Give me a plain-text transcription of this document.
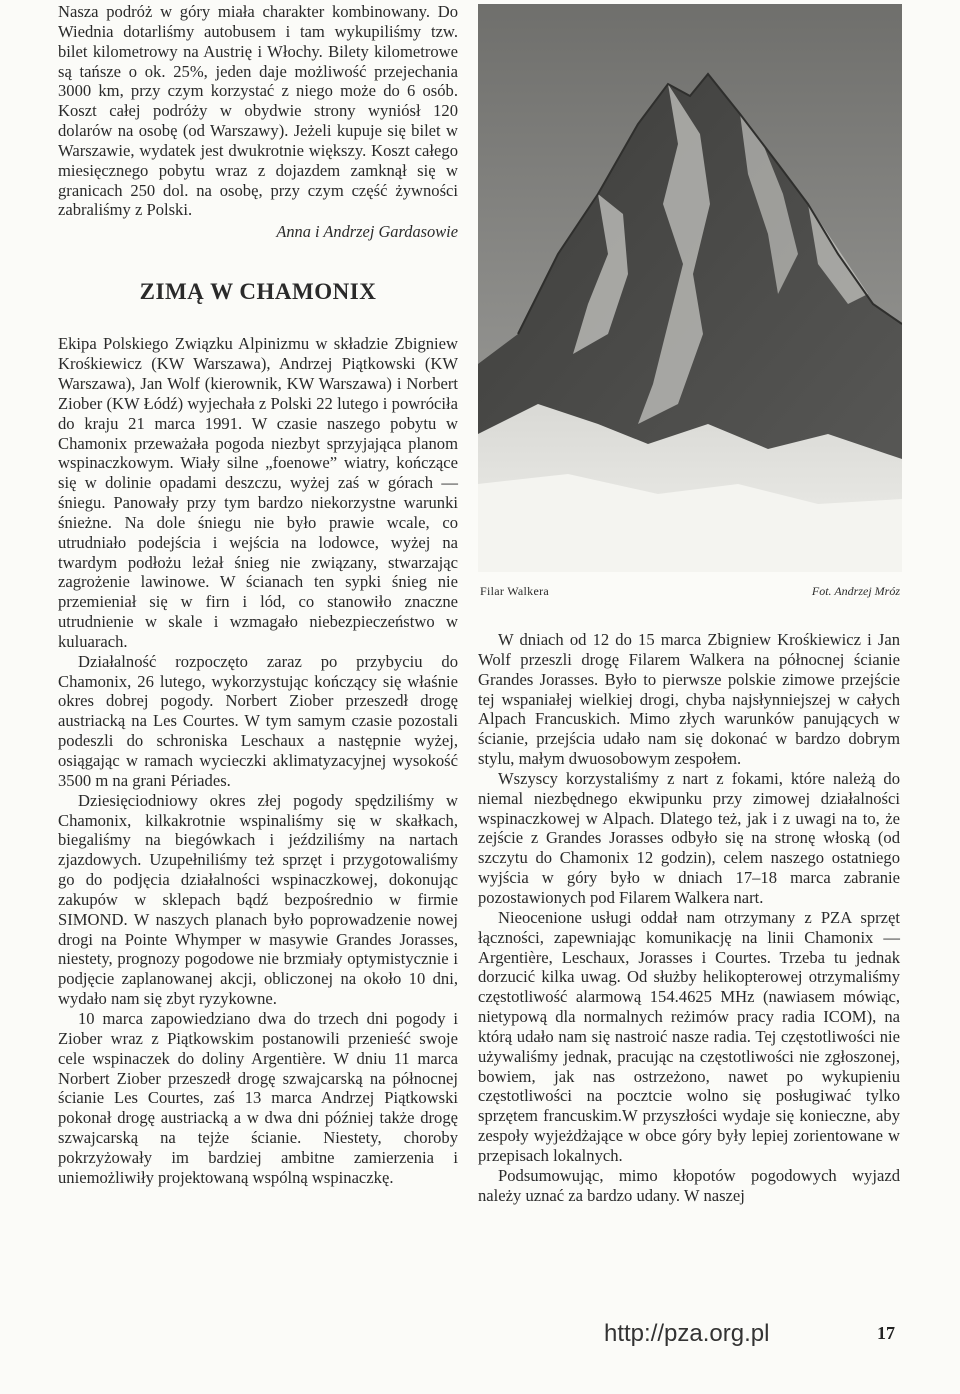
Nasza podróż w góry miała charakter kombinowany. Do Wiednia dotarliśmy autobusem i tam wykupiliśmy tzw. bilet kilometrowy na Austrię i Włochy. Bilety kilometrowe są tańsze o ok. 25%, jeden daje możliwość przejechania 3000 km, przy czym korzystać z niego może do 6 osób. Koszt całej podróży w obydwie strony wyniósł 120 dolarów na osobę (od Warszawy). Jeżeli kupuje się bilet w Warszawie, wydatek jest dwukrotnie większy. Koszt całego miesięcznego pobytu wraz z dojazdem zamknął się w granicach 250 dol. na osobę, przy czym część żywności zabraliśmy z Polski.

Anna i Andrzej Gardasowie

ZIMĄ W CHAMONIX

Ekipa Polskiego Związku Alpinizmu w składzie Zbigniew Krośkiewicz (KW Warszawa), Andrzej Piątkowski (KW Warszawa), Jan Wolf (kierownik, KW Warszawa) i Norbert Ziober (KW Łódź) wyjechała z Polski 22 lutego i powróciła do kraju 21 marca 1991. W czasie naszego pobytu w Chamonix przeważała pogoda niezbyt sprzyjająca planom wspinaczkowym. Wiały silne „foenowe” wiatry, kończące się w dolinie opadami deszczu, wyżej zaś w górach — śniegu. Panowały przy tym bardzo niekorzystne warunki śnieżne. Na dole śniegu nie było prawie wcale, co utrudniało podejścia i wejścia na lodowce, wyżej na twardym podłożu leżał śnieg nie związany, stwarzając zagrożenie lawinowe. W ścianach ten sypki śnieg nie przemieniał się w firn i lód, co stanowiło znaczne utrudnienie w skale i wzmagało niebezpieczeństwo w kuluarach.

Działalność rozpoczęto zaraz po przybyciu do Chamonix, 26 lutego, wykorzystując kończący się właśnie okres dobrej pogody. Norbert Ziober przeszedł drogę austriacką na Les Courtes. W tym samym czasie pozostali podeszli do schroniska Leschaux a następnie wyżej, osiągając w ramach wycieczki aklimatyzacyjnej wysokość 3500 m na grani Périades.

Dziesięciodniowy okres złej pogody spędziliśmy w Chamonix, kilkakrotnie wspinaliśmy się w skałkach, biegaliśmy na biegówkach i jeździliśmy na nartach zjazdowych. Uzupełniliśmy też sprzęt i przygotowaliśmy go do podjęcia działalności wspinaczkowej, dokonując zakupów w sklepach bądź bezpośrednio w firmie SIMOND. W naszych planach było poprowadzenie nowej drogi na Pointe Whymper w masywie Grandes Jorasses, niestety, prognozy pogodowe nie brzmiały optymistycznie i podjęcie zaplanowanej akcji, obliczonej na około 10 dni, wydało nam się zbyt ryzykowne.

10 marca zapowiedziano dwa do trzech dni pogody i Ziober wraz z Piątkowskim postanowili przenieść swoje cele wspinaczek do doliny Argentière. W dniu 11 marca Norbert Ziober przeszedł drogę szwajcarską na północnej ścianie Les Courtes, zaś 13 marca Andrzej Piątkowski pokonał drogę austriacką a w dwa dni później także drogę szwajcarską na tejże ścianie. Niestety, choroby pokrzyżowały im bardziej ambitne zamierzenia i uniemożliwiły projektowaną wspólną wspinaczkę.

Filar Walkera	Fot. Andrzej Mróz

W dniach od 12 do 15 marca Zbigniew Krośkiewicz i Jan Wolf przeszli drogę Filarem Walkera na północnej ścianie Grandes Jorasses. Było to pierwsze polskie zimowe przejście tej wspaniałej wielkiej drogi, chyba najsłynniejszej w całych Alpach Francuskich. Mimo złych warunków panujących w ścianie, przejścia udało nam się dokonać w bardzo dobrym stylu, małym dwuosobowym zespołem.

Wszyscy korzystaliśmy z nart z fokami, które należą do niemal niezbędnego ekwipunku przy zimowej działalności wspinaczkowej w Alpach. Dlatego też, jak i z uwagi na to, że zejście z Grandes Jorasses odbyło się na stronę włoską (od szczytu do Chamonix 12 godzin), celem naszego ostatniego wyjścia w góry było w dniach 17–18 marca zabranie pozostawionych pod Filarem Walkera nart.

Nieocenione usługi oddał nam otrzymany z PZA sprzęt łączności, zapewniając komunikację na linii Chamonix — Argentière, Leschaux, Jorasses i Courtes. Trzeba tu jednak dorzucić kilka uwag. Od służby helikopterowej otrzymaliśmy częstotliwość alarmową 154.4625 MHz (nawiasem mówiąc, nietypową dla normalnych reżimów pracy radia ICOM), na którą udało nam się nastroić nasze radia. Tej częstotliwości nie używaliśmy jednak, pracując na częstotliwości nie zgłoszonej, bowiem, jak nas ostrzeżono, nawet po wykupieniu częstotliwości na pocztcie wolno się posługiwać tylko sprzętem francuskim.W przyszłości wydaje się konieczne, aby zespoły wyjeżdżające w obce góry były lepiej zorientowane w przepisach lokalnych.

Podsumowując, mimo kłopotów pogodowych wyjazd należy uznać za bardzo udany. W naszej

http://pza.org.pl	17
